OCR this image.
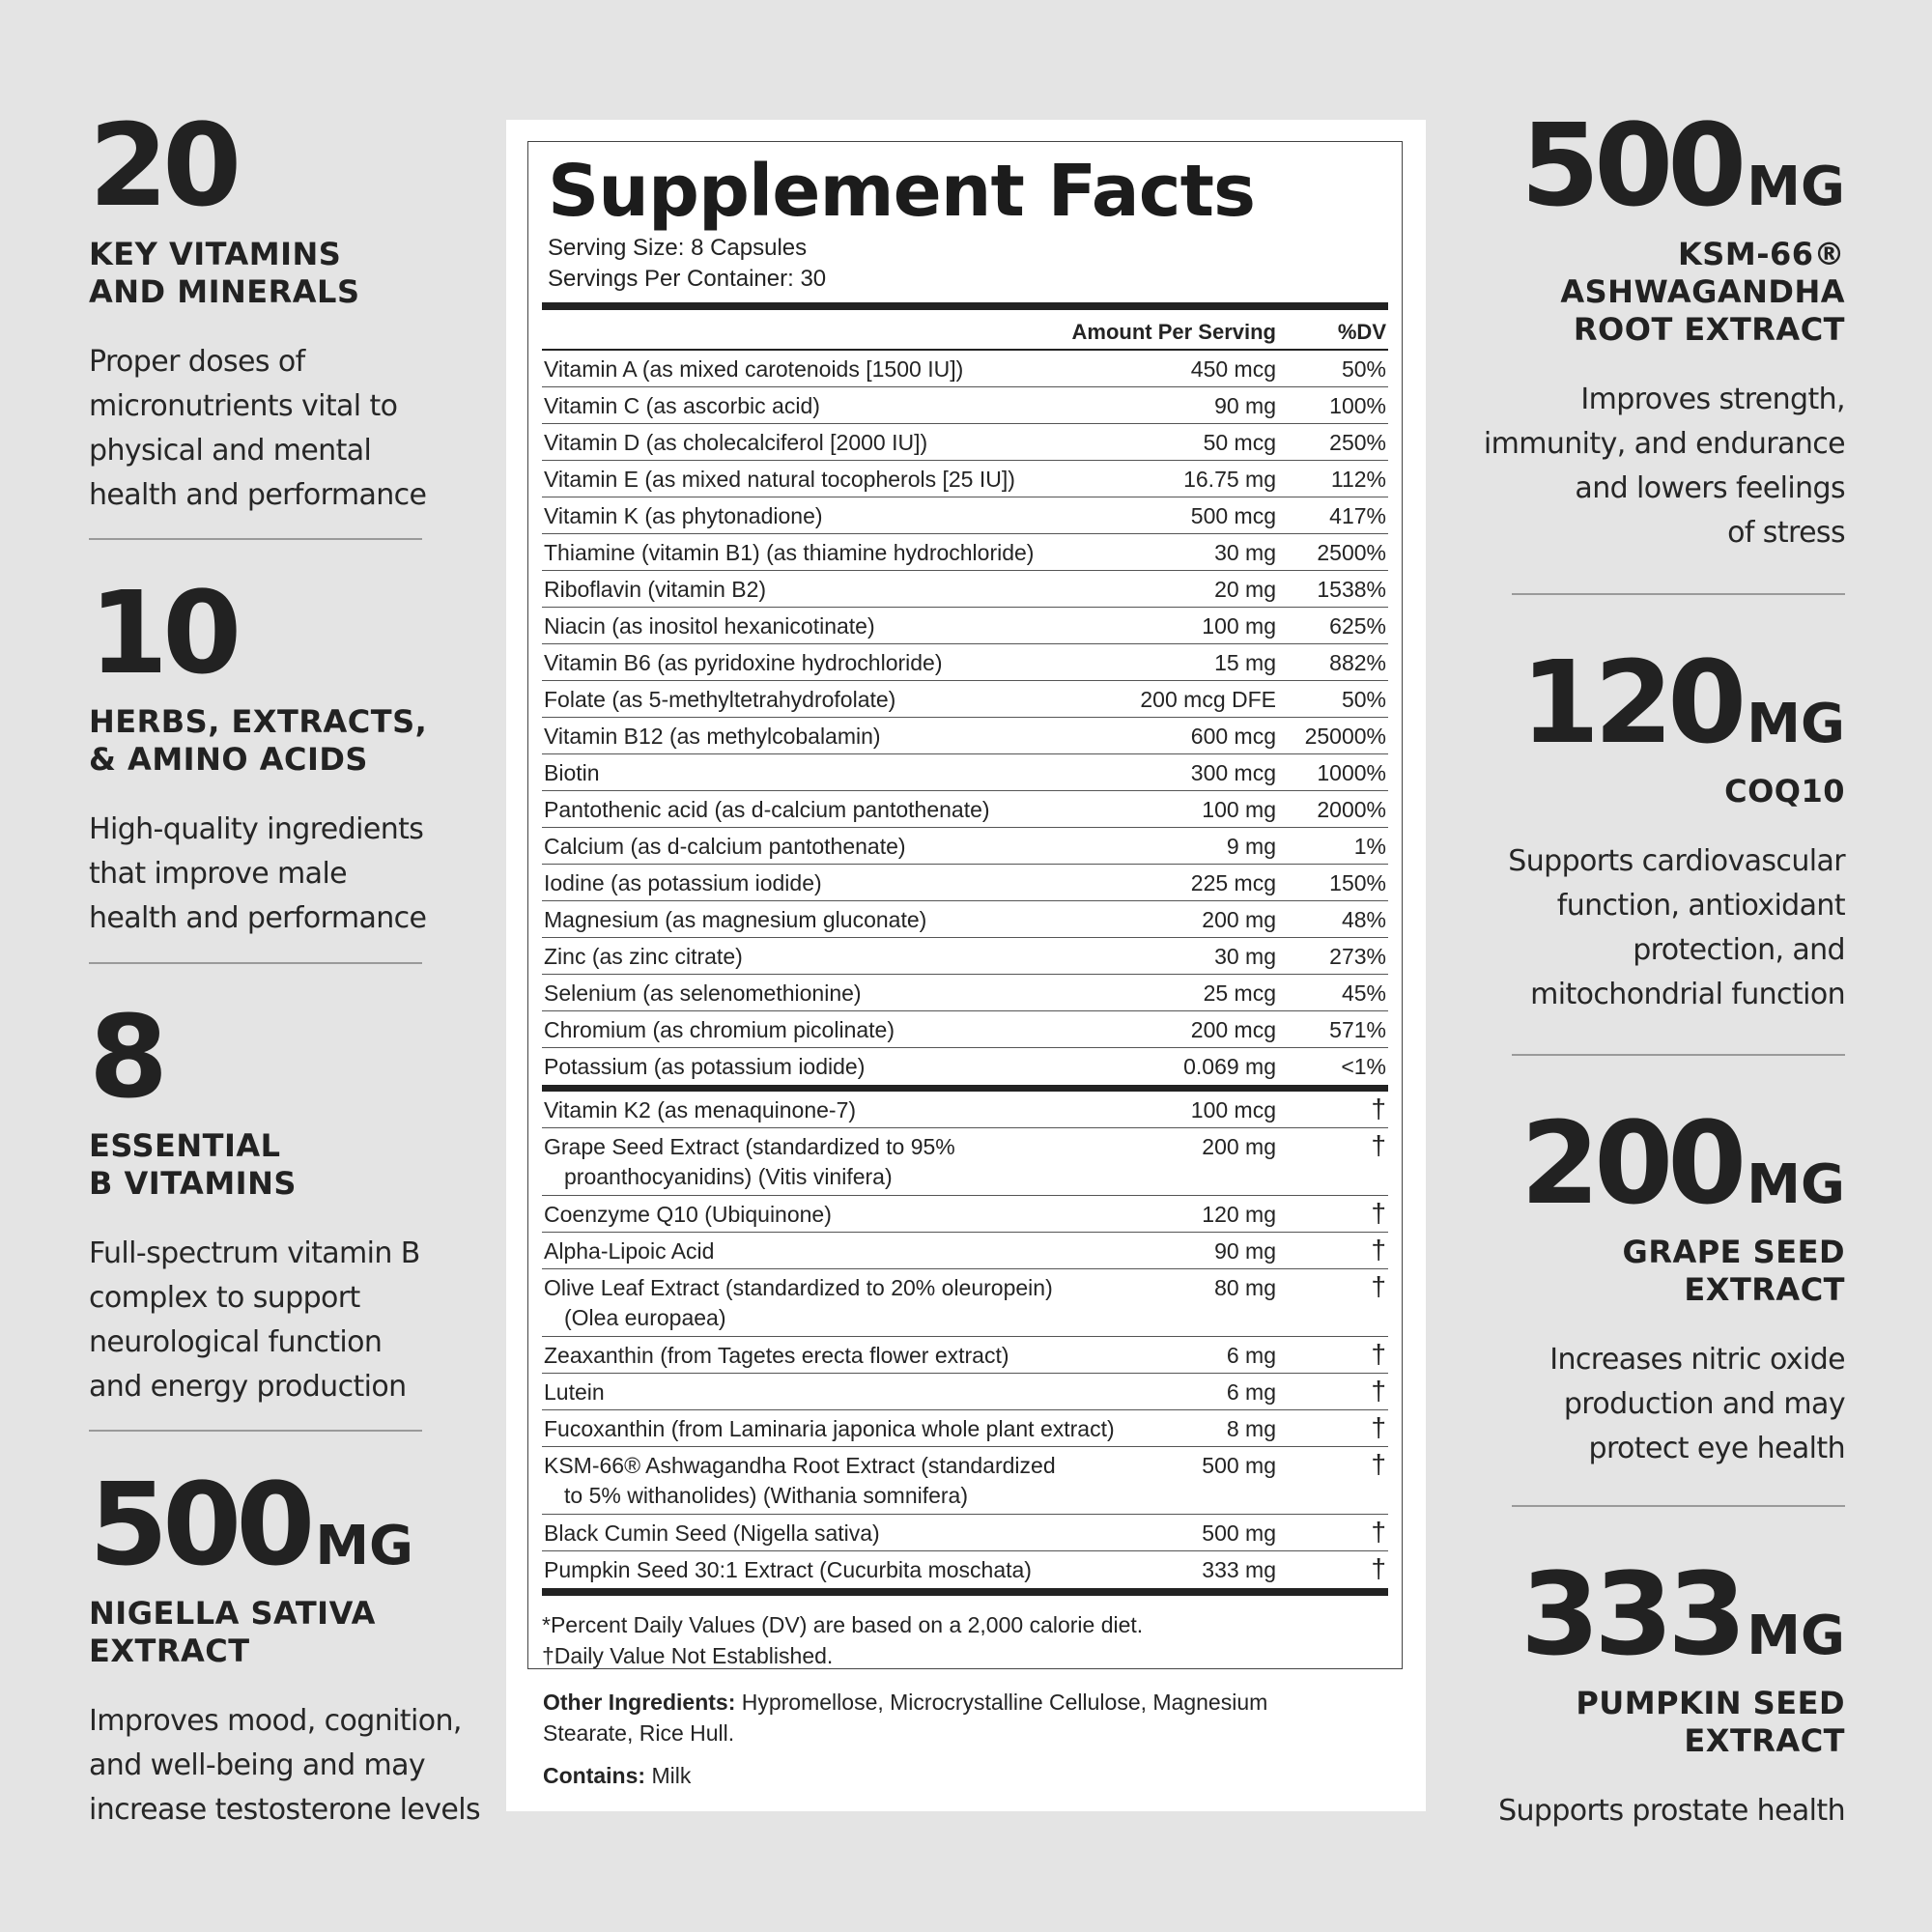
20
KEY VITAMINS
AND MINERALS
Proper doses of
micronutrients vital to
physical and mental
health and performance
10
HERBS, EXTRACTS,
& AMINO ACIDS
High-quality ingredients
that improve male
health and performance
8
ESSENTIAL
B VITAMINS
Full-spectrum vitamin B
complex to support
neurological function
and energy production
500 MG
NIGELLA SATIVA
EXTRACT
Improves mood, cognition,
and well-being and may
increase testosterone levels
Supplement Facts
Serving Size: 8 Capsules
Servings Per Container: 30
Amount Per Serving	%DV
Vitamin A (as mixed carotenoids [1500 IU])	450 mcg	50%
Vitamin C (as ascorbic acid)	90 mg 100%
Vitamin D (as cholecalciferol [2000 IU])	50 mcg 250%
Vitamin E (as mixed natural tocopherols [25 IU])	16.75 mg 112%
Vitamin K (as phytonadione)	500 mcg 417%
Thiamine (vitamin B1) (as thiamine hydrochloride)	30 mg 2500%
Riboflavin (vitamin B2)	20 mg 1538%
Niacin (as inositol hexanicotinate)	100 mg 625%
Vitamin B6 (as pyridoxine hydrochloride)	15 mg 882%
Folate (as 5-methyltetrahydrofolate)	200 mcg DFE	50%
Vitamin B12 (as methylcobalamin)	600 mcg 25000%
Biotin	300 mcg 1000%
Pantothenic acid (as d-calcium pantothenate)	100 mg 2000%
Calcium (as d-calcium pantothenate)	9 mg	1%
Iodine (as potassium iodide)	225 mcg 150%
Magnesium (as magnesium gluconate)	200 mg	48%
Zinc (as zinc citrate)	30 mg 273%
Selenium (as selenomethionine)	25 mcg	45%
Chromium (as chromium picolinate)	200 mcg 571%
Potassium (as potassium iodide)	0.069 mg	<1%
Vitamin K2 (as menaquinone-7)	100 mcg	†
Grape Seed Extract (standardized to 95%
proanthocyanidins) (Vitis vinifera)
200 mg	†
Coenzyme Q10 (Ubiquinone)	120 mg	†
Alpha-Lipoic Acid	90 mg	†
Olive Leaf Extract (standardized to 20% oleuropein)
(Olea europaea)
80 mg	†
Zeaxanthin (from Tagetes erecta flower extract)	6 mg	†
Lutein	6 mg	†
Fucoxanthin (from Laminaria japonica whole plant extract)	8 mg	†
KSM-66® Ashwagandha Root Extract (standardized
to 5% withanolides) (Withania somnifera)
500 mg	†
Black Cumin Seed (Nigella sativa)	500 mg	†
Pumpkin Seed 30:1 Extract (Cucurbita moschata)	333 mg	†
*Percent Daily Values (DV) are based on a 2,000 calorie diet.
†Daily Value Not Established.

Other Ingredients: Hypromellose, Microcrystalline Cellulose, Magnesium

Stearate, Rice Hull.

Contains: Milk

500 MG
KSM-66®
ASHWAGANDHA
ROOT EXTRACT
Improves strength,
immunity, and endurance
and lowers feelings
of stress
120 MG
COQ10
Supports cardiovascular
function, antioxidant
protection, and
mitochondrial function
200 MG
GRAPE SEED
EXTRACT
Increases nitric oxide
production and may
protect eye health
333 MG
PUMPKIN SEED
EXTRACT
Supports prostate health
